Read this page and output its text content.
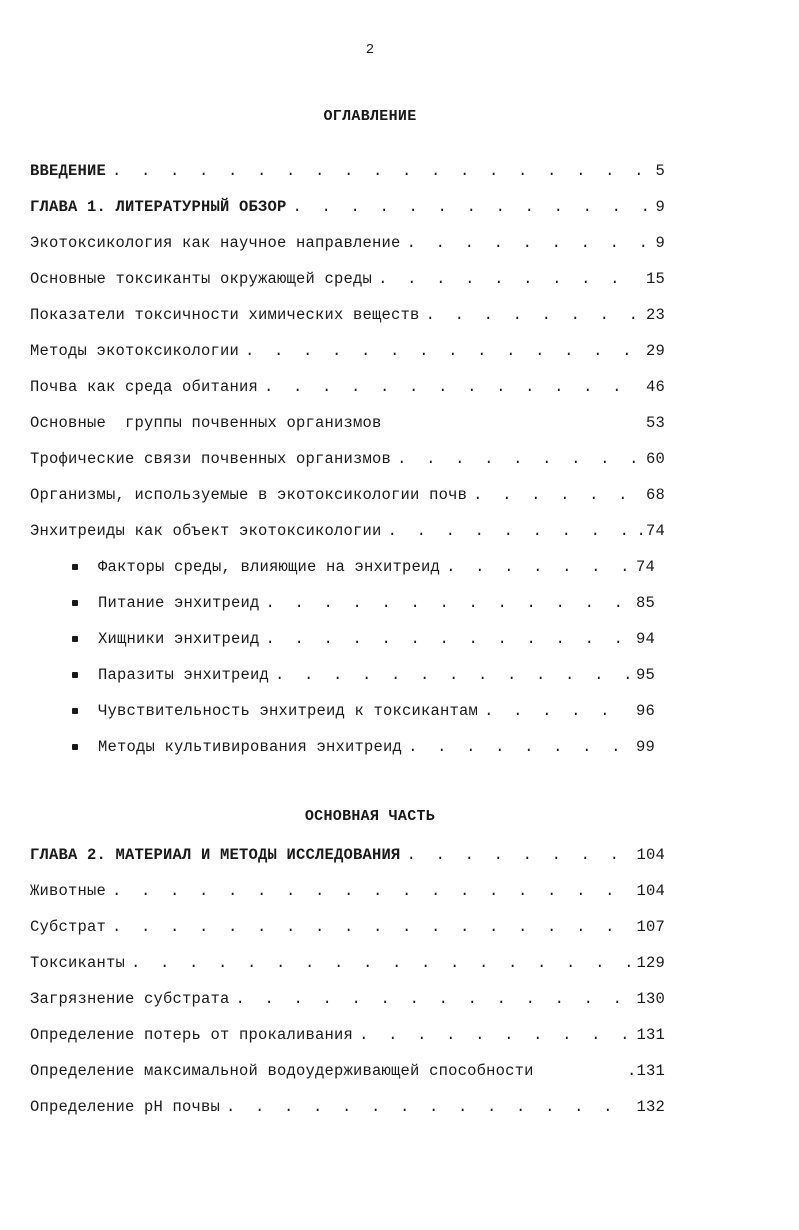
2
ОГЛАВЛЕНИЕ
ВВЕДЕНИЕ . . .	5
ГЛАВА 1. ЛИТЕРАТУРНЫЙ ОБЗОР . . .	9
Экотоксикология как научное направление . . .	9
Основные токсиканты окружающей среды . . .	15
Показатели токсичности химических веществ . . .	23
Методы экотоксикологии . . .	29
Почва как среда обитания . . .	46
Основные  группы почвенных организмов	53
Трофические связи почвенных организмов . . .	60
Организмы, используемые в экотоксикологии почв . . .	68
Энхитреиды как объект экотоксикологии . . .	.74
Факторы среды, влияющие на энхитреид . . .	74
Питание энхитреид . . .	85
Хищники энхитреид . . .	94
Паразиты энхитреид . . .	95
Чувствительность энхитреид к токсикантам . . .	96
Методы культивирования энхитреид . . .	99
ОСНОВНАЯ ЧАСТЬ
ГЛАВА 2. МАТЕРИАЛ И МЕТОДЫ ИССЛЕДОВАНИЯ . . .	104
Животные . . .	104
Субстрат . . .	107
Токсиканты . . .	129
Загрязнение субстрата . . .	130
Определение потерь от прокаливания . . .	131
Определение максимальной водоудерживающей способности	.131
Определение pH почвы . . .	132
